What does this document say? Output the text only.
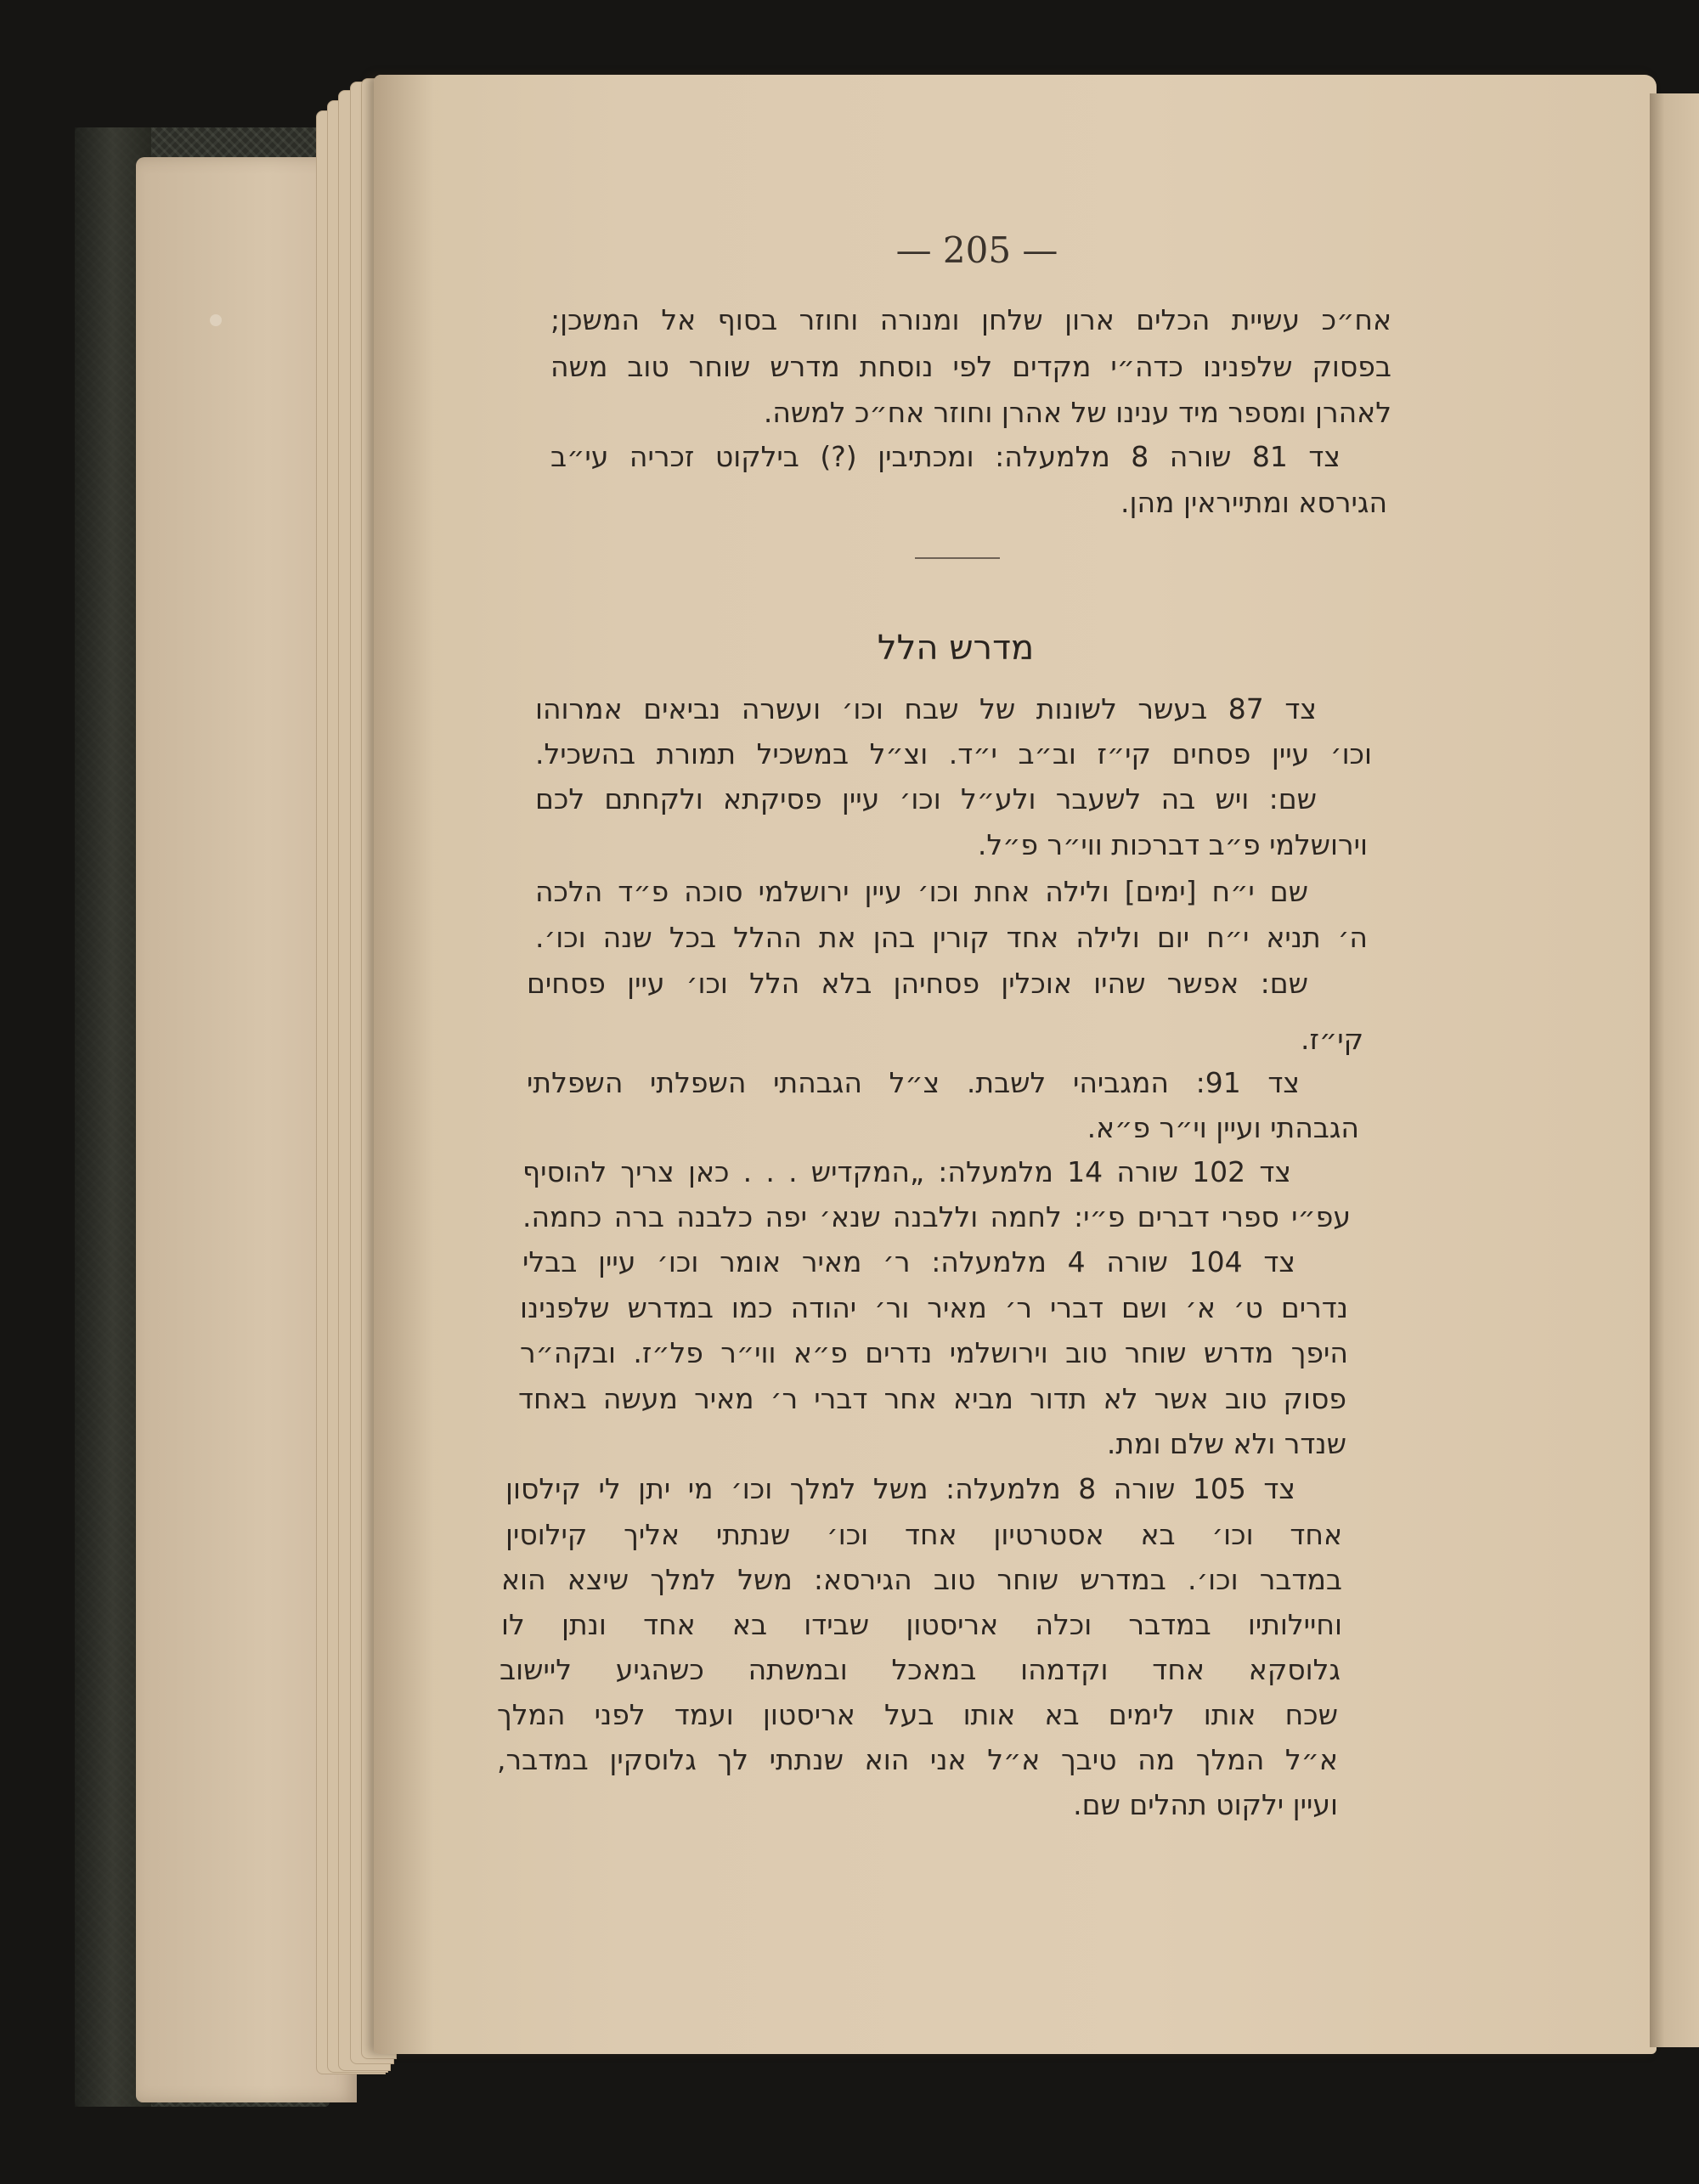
— 205 —
אח״כ עשיית הכלים ארון שלחן ומנורה וחוזר בסוף אל המשכן;
בפסוק שלפנינו כדה״י מקדים לפי נוסחת מדרש שוחר טוב משה
לאהרן ומספר מיד ענינו של אהרן וחוזר אח״כ למשה.
צד 81 שורה 8 מלמעלה: ומכתיבין (?) בילקוט זכריה עי״ב
הגירסא ומתייראין מהן.
מדרש הלל
צד 87 בעשר לשונות של שבח וכו׳ ועשרה נביאים אמרוהו
וכו׳ עיין פסחים קי״ז וב״ב י״ד. וצ״ל במשכיל תמורת בהשכיל.
שם: ויש בה לשעבר ולע״ל וכו׳ עיין פסיקתא ולקחתם לכם
וירושלמי פ״ב דברכות ווי״ר פ״ל.
שם י״ח [ימים] ולילה אחת וכו׳ עיין ירושלמי סוכה פ״ד הלכה
ה׳ תניא י״ח יום ולילה אחד קורין בהן את ההלל בכל שנה וכו׳.
שם: אפשר שהיו אוכלין פסחיהן בלא הלל וכו׳ עיין פסחים
קי״ז.
צד 91: המגביהי לשבת. צ״ל הגבהתי השפלתי השפלתי
הגבהתי ועיין וי״ר פ״א.
צד 102 שורה 14 מלמעלה: „המקדיש . . . כאן צריך להוסיף
עפ״י ספרי דברים פ״י: לחמה וללבנה שנא׳ יפה כלבנה ברה כחמה.
צד 104 שורה 4 מלמעלה: ר׳ מאיר אומר וכו׳ עיין בבלי
נדרים ט׳ א׳ ושם דברי ר׳ מאיר ור׳ יהודה כמו במדרש שלפנינו
היפך מדרש שוחר טוב וירושלמי נדרים פ״א ווי״ר פל״ז. ובקה״ר
פסוק טוב אשר לא תדור מביא אחר דברי ר׳ מאיר מעשה באחד
שנדר ולא שלם ומת.
צד 105 שורה 8 מלמעלה: משל למלך וכו׳ מי יתן לי קילסון
אחד וכו׳ בא אסטרטיון אחד וכו׳ שנתתי אליך קילוסין
במדבר וכו׳. במדרש שוחר טוב הגירסא: משל למלך שיצא הוא
וחיילותיו במדבר וכלה אריסטון שבידו בא אחד ונתן לו
גלוסקא אחד וקדמהו במאכל ובמשתה כשהגיע ליישוב
שכח אותו לימים בא אותו בעל אריסטון ועמד לפני המלך
א״ל המלך מה טיבך א״ל אני הוא שנתתי לך גלוסקין במדבר,
ועיין ילקוט תהלים שם.
